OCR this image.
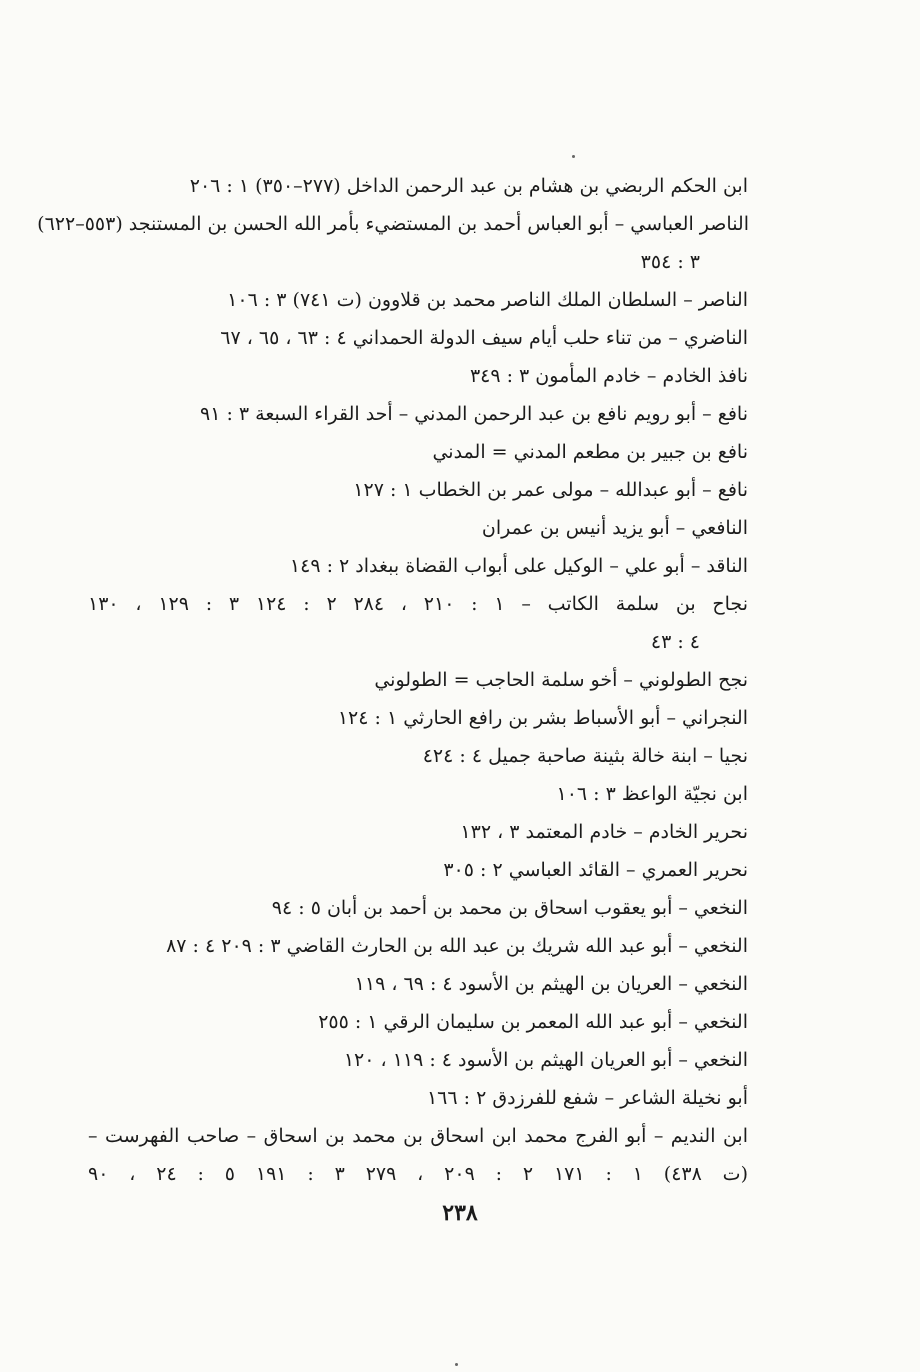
ابن الحكم الربضي بن هشام بن عبد الرحمن الداخل (٢٧٧–٣٥٠) ١ : ٢٠٦
الناصر العباسي – أبو العباس أحمد بن المستضيء بأمر الله الحسن بن المستنجد (٥٥٣–٦٢٢)
٣ : ٣٥٤
الناصر – السلطان الملك الناصر محمد بن قلاوون (ت ٧٤١) ٣ : ١٠٦
الناضري – من تناء حلب أيام سيف الدولة الحمداني ٤ : ٦٣ ، ٦٥ ، ٦٧
نافذ الخادم – خادم المأمون ٣ : ٣٤٩
نافع – أبو رويم نافع بن عبد الرحمن المدني – أحد القراء السبعة ٣ : ٩١
نافع بن جبير بن مطعم المدني = المدني
نافع – أبو عبدالله – مولى عمر بن الخطاب ١ : ١٢٧
النافعي – أبو يزيد أنيس بن عمران
الناقد – أبو علي – الوكيل على أبواب القضاة ببغداد ٢ : ١٤٩
نجاح بن سلمة الكاتب – ١ : ٢١٠ ، ٢٨٤ ٢ : ١٢٤ ٣ : ١٢٩ ، ١٣٠
٤ : ٤٣
نجح الطولوني – أخو سلمة الحاجب = الطولوني
النجراني – أبو الأسباط بشر بن رافع الحارثي ١ : ١٢٤
نجيا – ابنة خالة بثينة صاحبة جميل ٤ : ٤٢٤
ابن نجيّة الواعظ ٣ : ١٠٦
نحرير الخادم – خادم المعتمد ٣ ، ١٣٢
نحرير العمري – القائد العباسي ٢ : ٣٠٥
النخعي – أبو يعقوب اسحاق بن محمد بن أحمد بن أبان ٥ : ٩٤
النخعي – أبو عبد الله شريك بن عبد الله بن الحارث القاضي ٣ : ٢٠٩ ٤ : ٨٧
النخعي – العريان بن الهيثم بن الأسود ٤ : ٦٩ ، ١١٩
النخعي – أبو عبد الله المعمر بن سليمان الرقي ١ : ٢٥٥
النخعي – أبو العريان الهيثم بن الأسود ٤ : ١١٩ ، ١٢٠
أبو نخيلة الشاعر – شفع للفرزدق ٢ : ١٦٦
ابن النديم – أبو الفرج محمد ابن اسحاق بن محمد بن اسحاق – صاحب الفهرست –
(ت ٤٣٨) ١ : ١٧١ ٢ : ٢٠٩ ، ٢٧٩ ٣ : ١٩١ ٥ : ٢٤ ، ٩٠
٢٣٨
